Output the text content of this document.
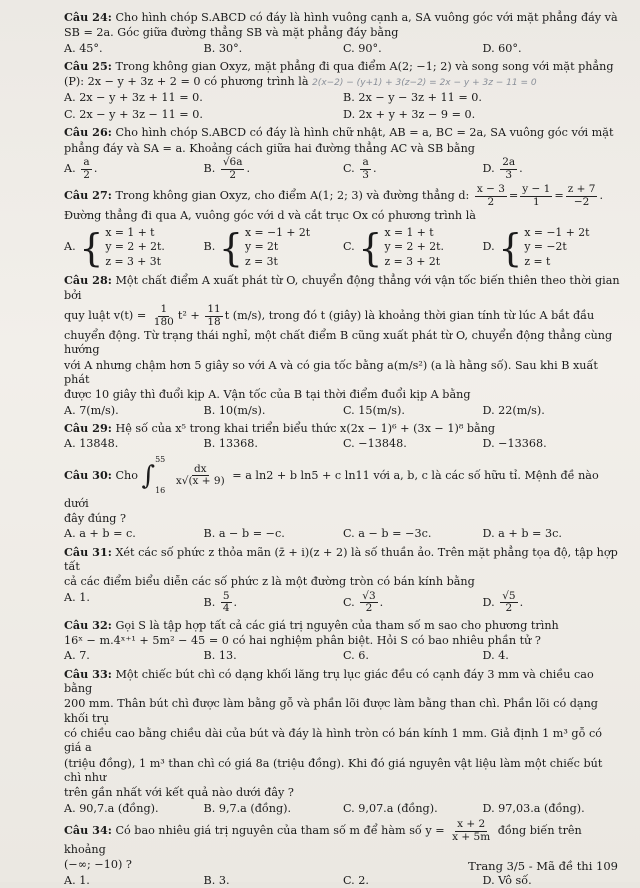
Câu 24: Cho hình chóp S.ABCD có đáy là hình vuông cạnh a, SA vuông góc với mặt phẳng đáy và

SB = 2a. Góc giữa đường thẳng SB và mặt phẳng đáy bằng

A. 45°.	B. 30°.	C. 90°.	D. 60°.

Câu 25: Trong không gian Oxyz, mặt phẳng đi qua điểm A(2; −1; 2) và song song với mặt phẳng

(P): 2x − y + 3z + 2 = 0 có phương trình là 2(x−2) − (y+1) + 3(z−2) = 2x − y + 3z − 11 = 0

A. 2x − y + 3z + 11 = 0.	B. 2x − y − 3z + 11 = 0.
C. 2x − y + 3z − 11 = 0.	D. 2x + y + 3z − 9 = 0.

Câu 26: Cho hình chóp S.ABCD có đáy là hình chữ nhật, AB = a, BC = 2a, SA vuông góc với mặt

phẳng đáy và SA = a. Khoảng cách giữa hai đường thẳng AC và SB bằng

A. $\frac{a}{2}$ .	B. $\frac{√6a}{2}$ .	C. $\frac{a}{3}$ .	D. $\frac{2a}{3}$ .

Câu 27: Trong không gian Oxyz, cho điểm A(1; 2; 3) và đường thẳng d: $\frac{x - 3}{2} = \frac{y - 1}{1} = \frac{z + 7}{-2}$ .

Đường thẳng đi qua A, vuông góc với d và cắt trục Ox có phương trình là

A.
{ x = 1 + t
y = 2 + 2t.
z = 3 + 3t
B.
{ x = −1 + 2t
y = 2t
z = 3t
C.
{ x = 1 + t
y = 2 + 2t.
z = 3 + 2t
D.
{ x = −1 + 2t
y = −2t
z = t

Câu 28: Một chất điểm A xuất phát từ O, chuyển động thẳng với vận tốc biến thiên theo thời gian bởi

quy luật $v(t) = \frac{1}{180} t^2 + \frac{11}{18}$ t (m/s), trong đó t (giây) là khoảng thời gian tính từ lúc A bắt đầu

chuyển động. Từ trạng thái nghỉ, một chất điểm B cũng xuất phát từ O, chuyển động thẳng cùng hướng

với A nhưng chậm hơn 5 giây so với A và có gia tốc bằng a(m/s²) (a là hằng số). Sau khi B xuất phát

được 10 giây thì đuổi kịp A. Vận tốc của B tại thời điểm đuổi kịp A bằng

A. 7(m/s).	B. 10(m/s).	C. 15(m/s).	D. 22(m/s).

Câu 29: Hệ số của x⁵ trong khai triển biểu thức x(2x − 1)⁶ + (3x − 1)⁸ bằng

A. 13848.	B. 13368.	C. −13848.	D. −13368.

Câu 30: Cho ∫
55
16

$\frac{dx}{x√(x + 9)} = a$ ln2 + b ln5 + c ln11 với a, b, c là các số hữu tỉ. Mệnh đề nào dưới

đây đúng ?

A. a + b = c.	B. a − b = −c.	C. a − b = −3c.	D. a + b = 3c.

Câu 31: Xét các số phức z thỏa mãn (z̄ + i)(z + 2) là số thuần ảo. Trên mặt phẳng tọa độ, tập hợp tất

cả các điểm biểu diễn các số phức z là một đường tròn có bán kính bằng

A. 1.	B. $\frac{5}{4}$ .	C. $\frac{√3}{2}$ .	D. $\frac{√5}{2}$ .

Câu 32: Gọi S là tập hợp tất cả các giá trị nguyên của tham số m sao cho phương trình

16ˣ − m.4ˣ⁺¹ + 5m² − 45 = 0 có hai nghiệm phân biệt. Hỏi S có bao nhiêu phần tử ?

A. 7.	B. 13.	C. 6.	D. 4.

Câu 33: Một chiếc bút chì có dạng khối lăng trụ lục giác đều có cạnh đáy 3 mm và chiều cao bằng

200 mm. Thân bút chì được làm bằng gỗ và phần lõi được làm bằng than chì. Phần lõi có dạng khối trụ

có chiều cao bằng chiều dài của bút và đáy là hình tròn có bán kính 1 mm. Giả định 1 m³ gỗ có giá a

(triệu đồng), 1 m³ than chì có giá 8a (triệu đồng). Khi đó giá nguyên vật liệu làm một chiếc bút chì như

trên gần nhất với kết quả nào dưới đây ?

A. 90,7.a (đồng).	B. 9,7.a (đồng).	C. 9,07.a (đồng).	D. 97,03.a (đồng).

Câu 34: Có bao nhiêu giá trị nguyên của tham số m để hàm số $y = \frac{x + 2}{x + 5m}$ đồng biến trên khoảng

(−∞; −10) ?

A. 1.	B. 3.	C. 2.	D. Vô số.
Trang 3/5 - Mã đề thi 109
